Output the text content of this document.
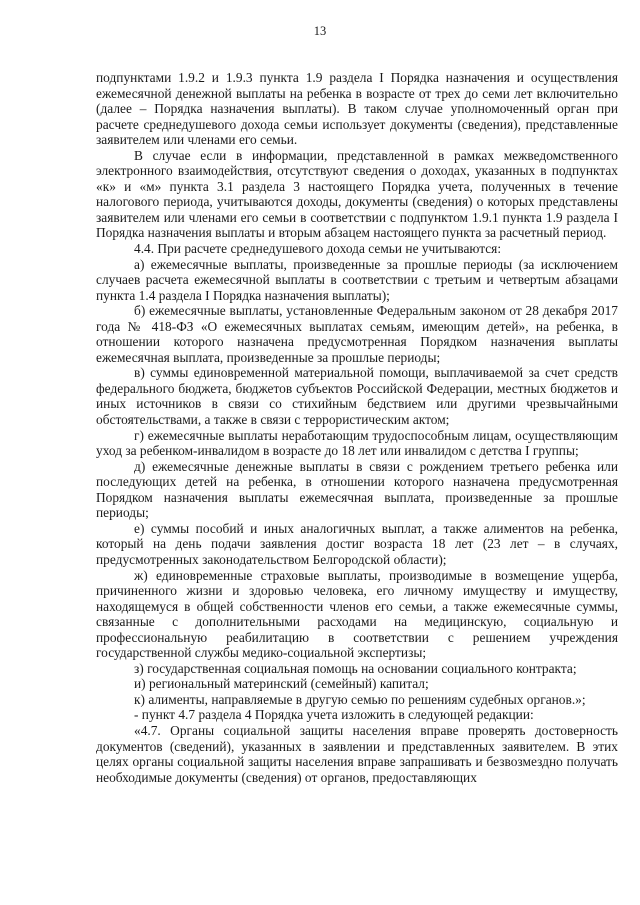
13

подпунктами 1.9.2 и 1.9.3 пункта 1.9 раздела I Порядка назначения и осуществления ежемесячной денежной выплаты на ребенка в возрасте от трех до семи лет включительно (далее – Порядка назначения выплаты). В таком случае уполномоченный орган при расчете среднедушевого дохода семьи использует документы (сведения), представленные заявителем или членами его семьи.

В случае если в информации, представленной в рамках межведомственного электронного взаимодействия, отсутствуют сведения о доходах, указанных в подпунктах «к» и «м» пункта 3.1 раздела 3 настоящего Порядка учета, полученных в течение налогового периода, учитываются доходы, документы (сведения) о которых представлены заявителем или членами его семьи в соответствии с подпунктом 1.9.1 пункта 1.9 раздела I Порядка назначения выплаты и вторым абзацем настоящего пункта за расчетный период.

4.4. При расчете среднедушевого дохода семьи не учитываются:

а) ежемесячные выплаты, произведенные за прошлые периоды (за исключением случаев расчета ежемесячной выплаты в соответствии с третьим и четвертым абзацами пункта 1.4 раздела I Порядка назначения выплаты);

б) ежемесячные выплаты, установленные Федеральным законом от 28 декабря 2017 года № 418-ФЗ «О ежемесячных выплатах семьям, имеющим детей», на ребенка, в отношении которого назначена предусмотренная Порядком назначения выплаты ежемесячная выплата, произведенные за прошлые периоды;

в) суммы единовременной материальной помощи, выплачиваемой за счет средств федерального бюджета, бюджетов субъектов Российской Федерации, местных бюджетов и иных источников в связи со стихийным бедствием или другими чрезвычайными обстоятельствами, а также в связи с террористическим актом;

г) ежемесячные выплаты неработающим трудоспособным лицам, осуществляющим уход за ребенком-инвалидом в возрасте до 18 лет или инвалидом с детства I группы;

д) ежемесячные денежные выплаты в связи с рождением третьего ребенка или последующих детей на ребенка, в отношении которого назначена предусмотренная Порядком назначения выплаты ежемесячная выплата, произведенные за прошлые периоды;

е) суммы пособий и иных аналогичных выплат, а также алиментов на ребенка, который на день подачи заявления достиг возраста 18 лет (23 лет – в случаях, предусмотренных законодательством Белгородской области);

ж) единовременные страховые выплаты, производимые в возмещение ущерба, причиненного жизни и здоровью человека, его личному имуществу и имуществу, находящемуся в общей собственности членов его семьи, а также ежемесячные суммы, связанные с дополнительными расходами на медицинскую, социальную и профессиональную реабилитацию в соответствии с решением учреждения государственной службы медико-социальной экспертизы;

з) государственная социальная помощь на основании социального контракта;

и) региональный материнский (семейный) капитал;

к) алименты, направляемые в другую семью по решениям судебных органов.»;

- пункт 4.7 раздела 4 Порядка учета изложить в следующей редакции:

«4.7. Органы социальной защиты населения вправе проверять достоверность документов (сведений), указанных в заявлении и представленных заявителем. В этих целях органы социальной защиты населения вправе запрашивать и безвозмездно получать необходимые документы (сведения) от органов, предоставляющих
